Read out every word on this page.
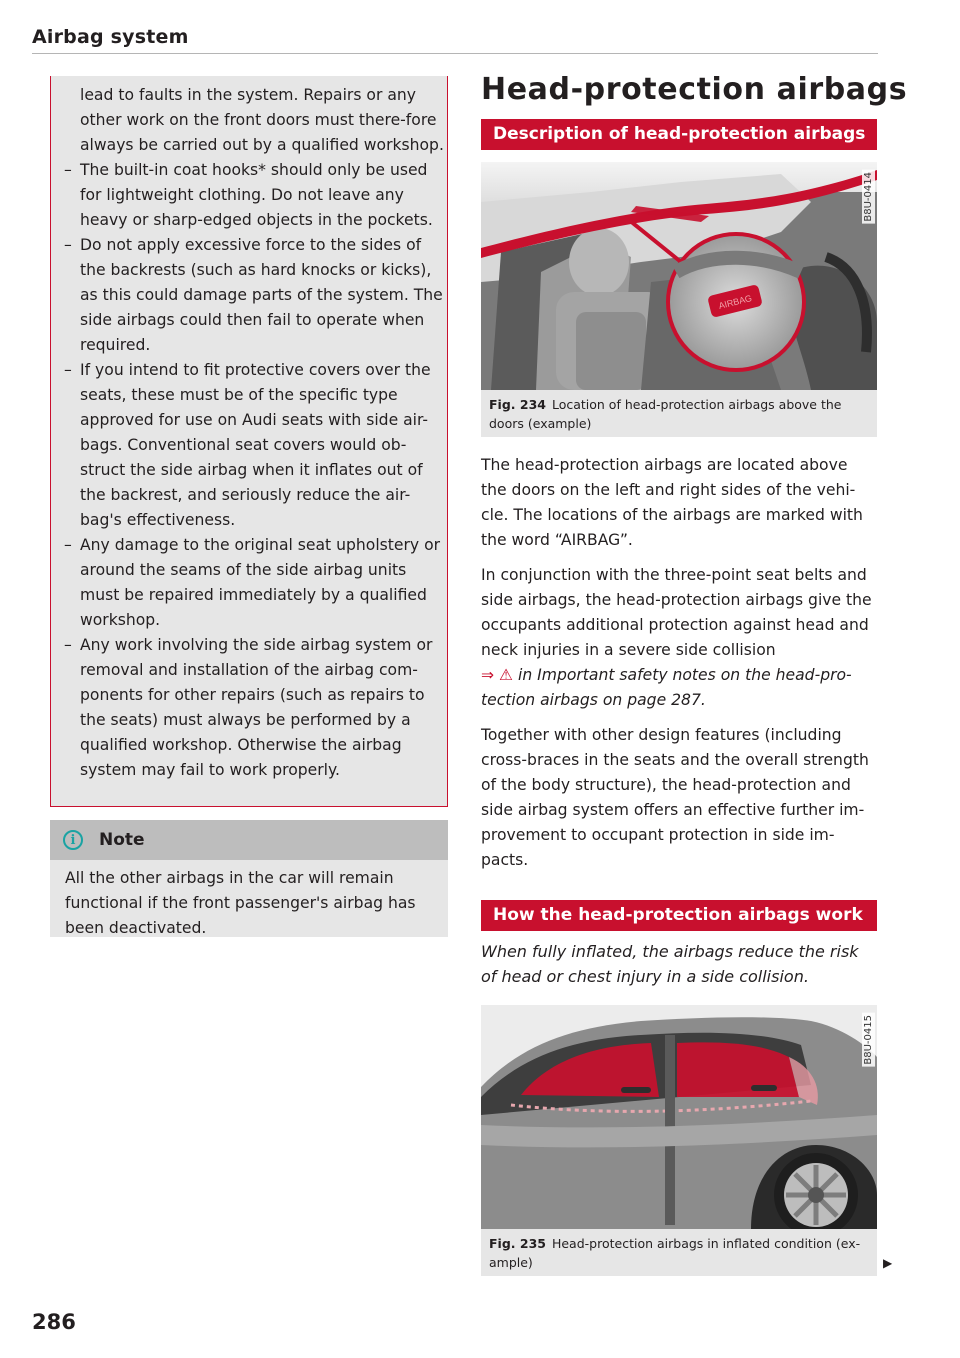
Airbag system

lead to faults in the system. Repairs or any other work on the front doors must there-fore always be carried out by a qualified workshop.

– The built-in coat hooks* should only be used for lightweight clothing. Do not leave any heavy or sharp-edged objects in the pockets.
– Do not apply excessive force to the sides of the backrests (such as hard knocks or kicks), as this could damage parts of the system. The side airbags could then fail to operate when required.
– If you intend to fit protective covers over the seats, these must be of the specific type approved for use on Audi seats with side air-bags. Conventional seat covers would ob-struct the side airbag when it inflates out of the backrest, and seriously reduce the air-bag's effectiveness.
– Any damage to the original seat upholstery or around the seams of the side airbag units must be repaired immediately by a qualified workshop.
– Any work involving the side airbag system or removal and installation of the airbag com-ponents for other repairs (such as repairs to the seats) must always be performed by a qualified workshop. Otherwise the airbag system may fail to work properly.
i	Note
All the other airbags in the car will remain functional if the front passenger's airbag has been deactivated.
286
Head-protection airbags
Description of head-protection airbags
AIRBAG
B8U-0414
Fig. 234 Location of head-protection airbags above the doors (example)

The head-protection airbags are located above the doors on the left and right sides of the vehi-cle. The locations of the airbags are marked with the word “AIRBAG”.

In conjunction with the three-point seat belts and side airbags, the head-protection airbags give the occupants additional protection against head and neck injuries in a severe side collision
⇒ ⚠ in Important safety notes on the head-pro-tection airbags on page 287.

Together with other design features (including cross-braces in the seats and the overall strength of the body structure), the head-protection and side airbag system offers an effective further im-provement to occupant protection in side im-pacts.

How the head-protection airbags work
When fully inflated, the airbags reduce the risk of head or chest injury in a side collision.
B8U-0415
Fig. 235 Head-protection airbags in inflated condition (ex-ample)	▶
